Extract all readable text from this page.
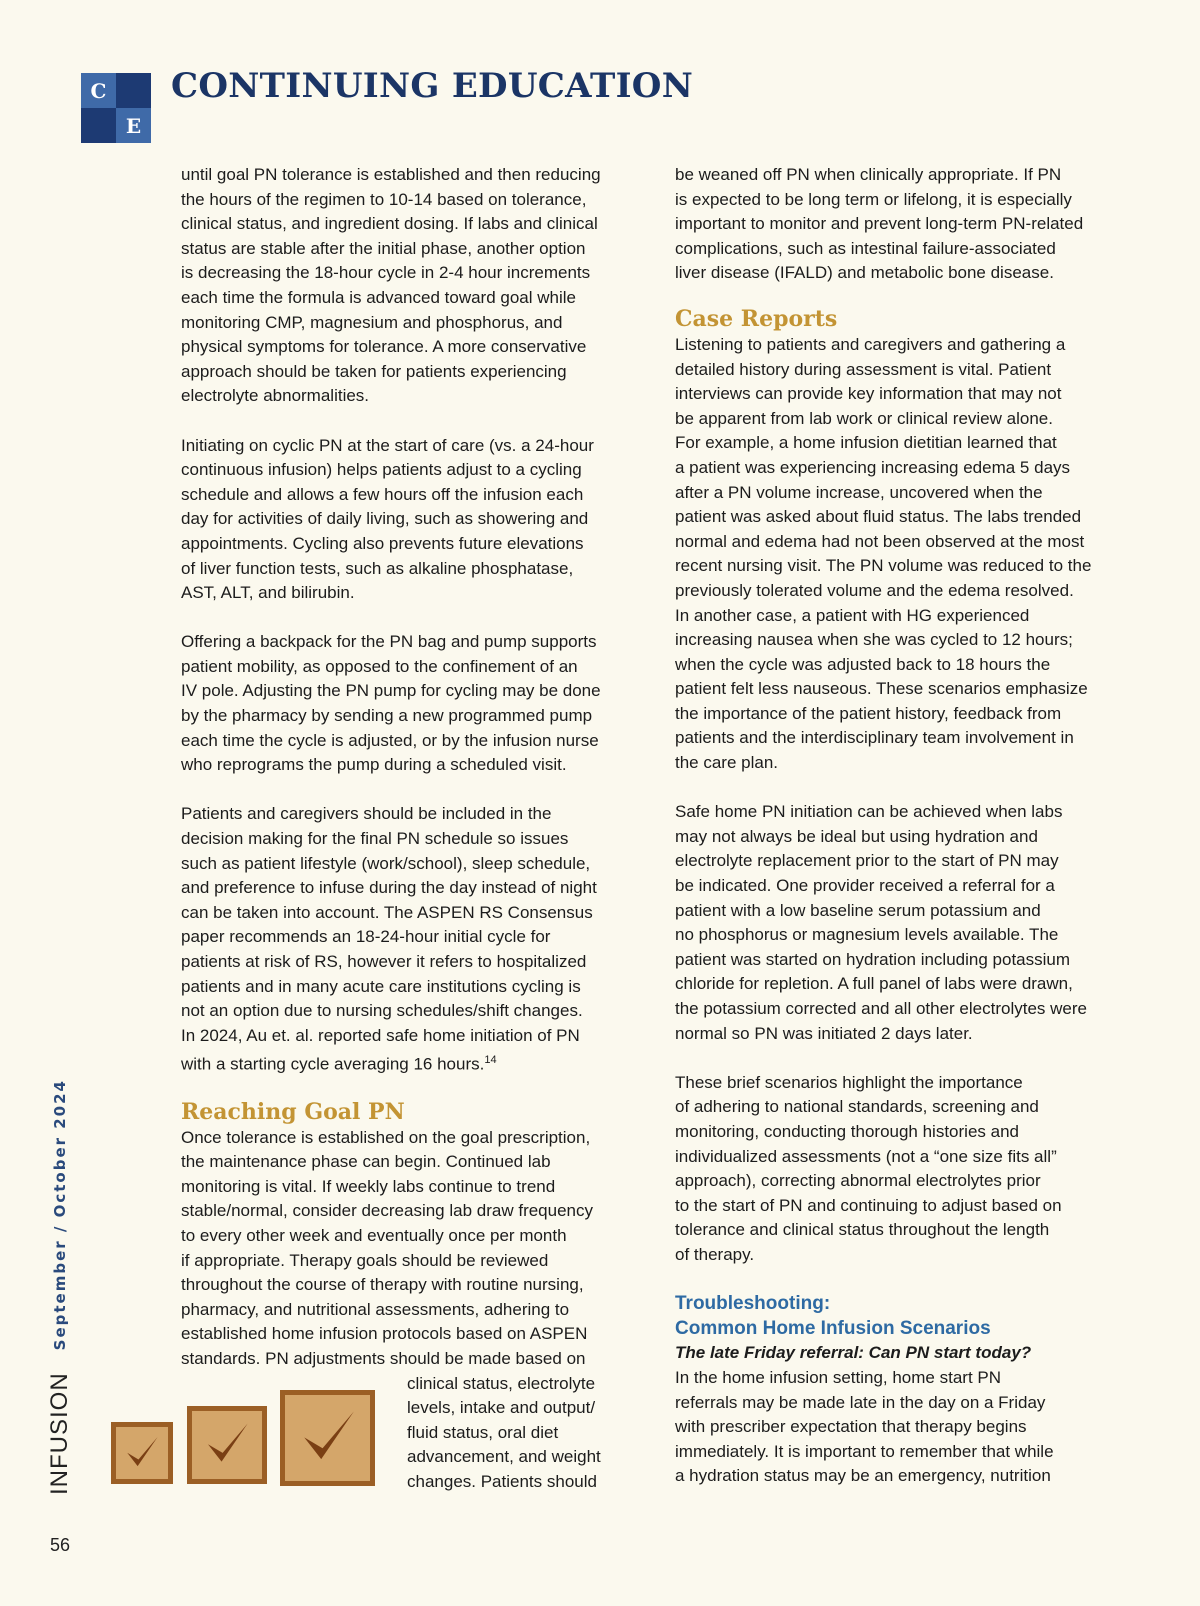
C
E
CONTINUING EDUCATION

until goal PN tolerance is established and then reducing
the hours of the regimen to 10-14 based on tolerance,
clinical status, and ingredient dosing. If labs and clinical
status are stable after the initial phase, another option
is decreasing the 18-hour cycle in 2-4 hour increments
each time the formula is advanced toward goal while
monitoring CMP, magnesium and phosphorus, and
physical symptoms for tolerance. A more conservative
approach should be taken for patients experiencing
electrolyte abnormalities.

Initiating on cyclic PN at the start of care (vs. a 24-hour
continuous infusion) helps patients adjust to a cycling
schedule and allows a few hours off the infusion each
day for activities of daily living, such as showering and
appointments. Cycling also prevents future elevations
of liver function tests, such as alkaline phosphatase,
AST, ALT, and bilirubin.

Offering a backpack for the PN bag and pump supports
patient mobility, as opposed to the confinement of an
IV pole. Adjusting the PN pump for cycling may be done
by the pharmacy by sending a new programmed pump
each time the cycle is adjusted, or by the infusion nurse
who reprograms the pump during a scheduled visit.

Patients and caregivers should be included in the
decision making for the final PN schedule so issues
such as patient lifestyle (work/school), sleep schedule,
and preference to infuse during the day instead of night
can be taken into account. The ASPEN RS Consensus
paper recommends an 18-24-hour initial cycle for
patients at risk of RS, however it refers to hospitalized
patients and in many acute care institutions cycling is
not an option due to nursing schedules/shift changes.
In 2024, Au et. al. reported safe home initiation of PN
with a starting cycle averaging 16 hours.$^{14}$

Reaching Goal PN

Once tolerance is established on the goal prescription,
the maintenance phase can begin. Continued lab
monitoring is vital. If weekly labs continue to trend
stable/normal, consider decreasing lab draw frequency
to every other week and eventually once per month
if appropriate. Therapy goals should be reviewed
throughout the course of therapy with routine nursing,
pharmacy, and nutritional assessments, adhering to
established home infusion protocols based on ASPEN
standards. PN adjustments should be made based on

clinical status, electrolyte
levels, intake and output/
fluid status, oral diet
advancement, and weight
changes. Patients should

be weaned off PN when clinically appropriate. If PN
is expected to be long term or lifelong, it is especially
important to monitor and prevent long-term PN-related
complications, such as intestinal failure-associated
liver disease (IFALD) and metabolic bone disease.

Case Reports

Listening to patients and caregivers and gathering a
detailed history during assessment is vital. Patient
interviews can provide key information that may not
be apparent from lab work or clinical review alone.
For example, a home infusion dietitian learned that
a patient was experiencing increasing edema 5 days
after a PN volume increase, uncovered when the
patient was asked about fluid status. The labs trended
normal and edema had not been observed at the most
recent nursing visit. The PN volume was reduced to the
previously tolerated volume and the edema resolved.
In another case, a patient with HG experienced
increasing nausea when she was cycled to 12 hours;
when the cycle was adjusted back to 18 hours the
patient felt less nauseous. These scenarios emphasize
the importance of the patient history, feedback from
patients and the interdisciplinary team involvement in
the care plan.

Safe home PN initiation can be achieved when labs
may not always be ideal but using hydration and
electrolyte replacement prior to the start of PN may
be indicated. One provider received a referral for a
patient with a low baseline serum potassium and
no phosphorus or magnesium levels available. The
patient was started on hydration including potassium
chloride for repletion. A full panel of labs were drawn,
the potassium corrected and all other electrolytes were
normal so PN was initiated 2 days later.

These brief scenarios highlight the importance
of adhering to national standards, screening and
monitoring, conducting thorough histories and
individualized assessments (not a “one size fits all”
approach), correcting abnormal electrolytes prior
to the start of PN and continuing to adjust based on
tolerance and clinical status throughout the length
of therapy.

Troubleshooting:
Common Home Infusion Scenarios

The late Friday referral: Can PN start today?

In the home infusion setting, home start PN
referrals may be made late in the day on a Friday
with prescriber expectation that therapy begins
immediately. It is important to remember that while
a hydration status may be an emergency, nutrition

INFUSION
September / October 2024
56
